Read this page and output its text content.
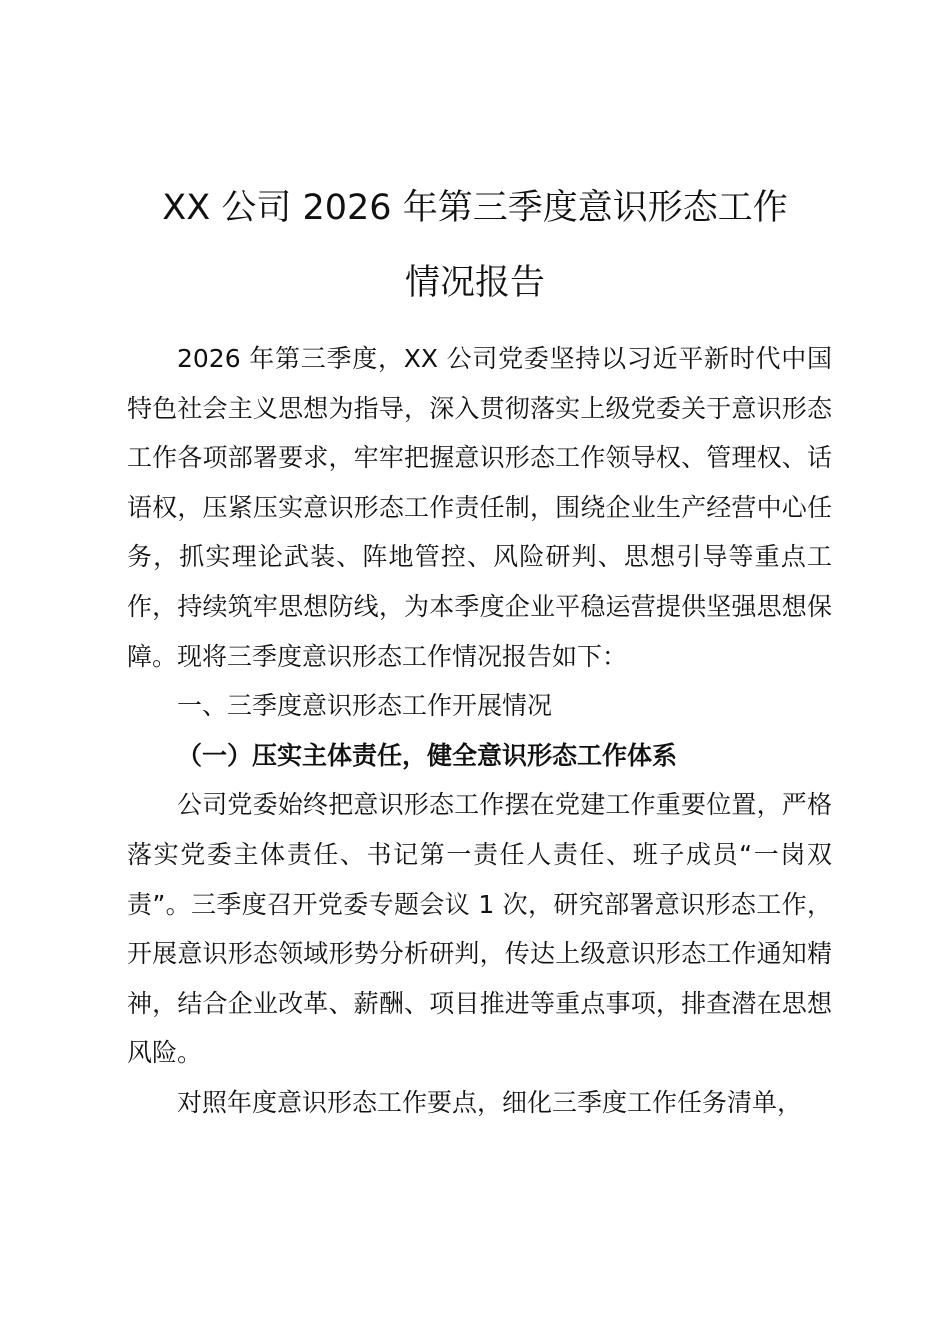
XX 公司 2026 年第三季度意识形态工作
情况报告

2026 年第三季度，XX 公司党委坚持以习近平新时代中国特色社会主义思想为指导，深入贯彻落实上级党委关于意识形态工作各项部署要求，牢牢把握意识形态工作领导权、管理权、话语权，压紧压实意识形态工作责任制，围绕企业生产经营中心任务，抓实理论武装、阵地管控、风险研判、思想引导等重点工作，持续筑牢思想防线，为本季度企业平稳运营提供坚强思想保障。现将三季度意识形态工作情况报告如下：

一、三季度意识形态工作开展情况

（一）压实主体责任，健全意识形态工作体系

公司党委始终把意识形态工作摆在党建工作重要位置，严格落实党委主体责任、书记第一责任人责任、班子成员“一岗双责”。三季度召开党委专题会议 1 次，研究部署意识形态工作，开展意识形态领域形势分析研判，传达上级意识形态工作通知精神，结合企业改革、薪酬、项目推进等重点事项，排查潜在思想风险。

对照年度意识形态工作要点，细化三季度工作任务清单，
